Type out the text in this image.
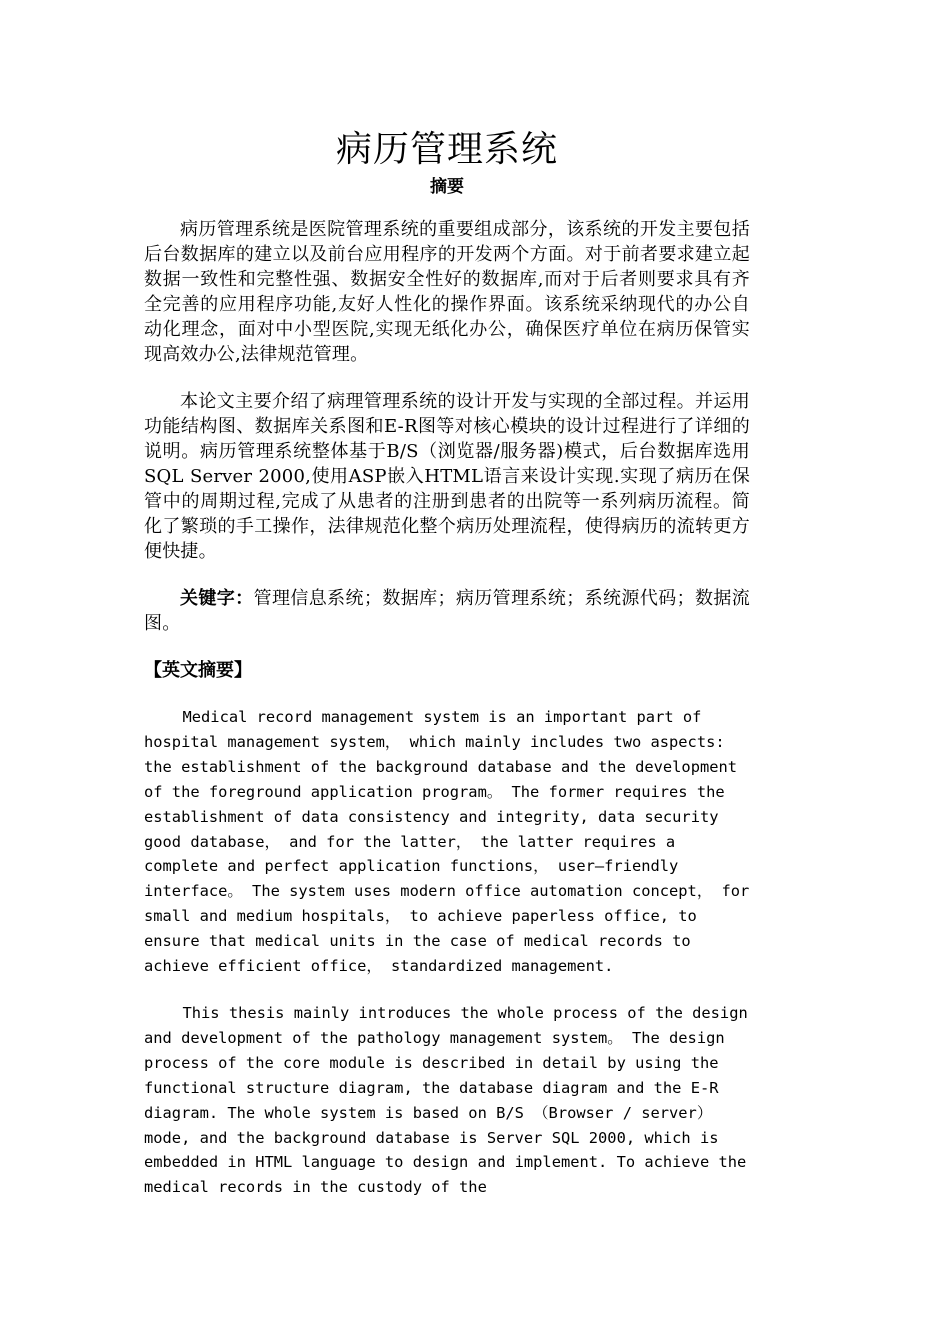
病历管理系统
摘要

病历管理系统是医院管理系统的重要组成部分，该系统的开发主要包括后台数据库的建立以及前台应用程序的开发两个方面。对于前者要求建立起数据一致性和完整性强、数据安全性好的数据库,而对于后者则要求具有齐全完善的应用程序功能,友好人性化的操作界面。该系统采纳现代的办公自动化理念，面对中小型医院,实现无纸化办公，确保医疗单位在病历保管实现高效办公,法律规范管理。

本论文主要介绍了病理管理系统的设计开发与实现的全部过程。并运用功能结构图、数据库关系图和E-R图等对核心模块的设计过程进行了详细的说明。病历管理系统整体基于B/S（浏览器/服务器)模式，后台数据库选用SQL Server 2000,使用ASP嵌入HTML语言来设计实现.实现了病历在保管中的周期过程,完成了从患者的注册到患者的出院等一系列病历流程。简化了繁琐的手工操作，法律规范化整个病历处理流程，使得病历的流转更方便快捷。

关键字：管理信息系统；数据库；病历管理系统；系统源代码；数据流图。

【英文摘要】

Medical record management system is an important part of hospital management system， which mainly includes two aspects: the establishment of the background database and the development of the foreground application program。 The former requires the establishment of data consistency and integrity, data security good database， and for the latter， the latter requires a complete and perfect application functions， user—friendly interface。 The system uses modern office automation concept， for small and medium hospitals， to achieve paperless office, to ensure that medical units in the case of medical records to achieve efficient office， standardized management.

This thesis mainly introduces the whole process of the design and development of the pathology management system。 The design process of the core module is described in detail by using the functional structure diagram, the database diagram and the E-R diagram. The whole system is based on B/S （Browser / server） mode, and the background database is Server SQL 2000, which is embedded in HTML language to design and implement. To achieve the medical records in the custody of the
